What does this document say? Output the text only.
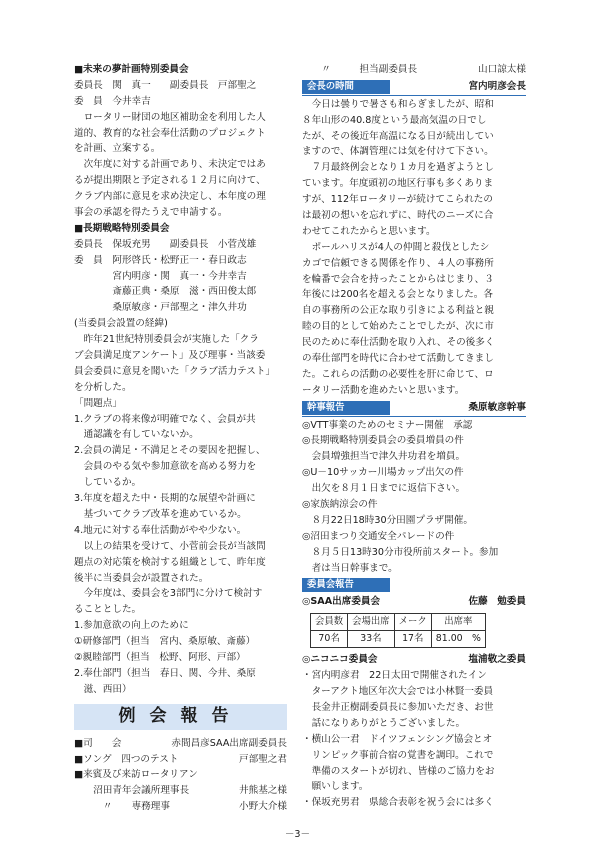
■未来の夢計画特別委員会
委員長　関　真一　　副委員長　戸部聖之
委　員　今井幸吉
ロータリー財団の地区補助金を利用した人
道的、教育的な社会奉仕活動のプロジェクト
を計画、立案する。
次年度に対する計画であり、未決定ではあ
るが提出期限と予定される１２月に向けて、
クラブ内部に意見を求め決定し、本年度の理
事会の承認を得たうえで申請する。
■長期戦略特別委員会
委員長　保坂充男　　副委員長　小菅茂雄
委　員　阿形啓氏・松野正一・春日政志
　　　　宮内明彦・関　真一・今井幸吉
　　　　斎藤正典・桑原　滋・西田俊太郎
　　　　桑原敏彦・戸部聖之・津久井功
(当委員会設置の経緯)
昨年21世紀特別委員会が実施した「クラ
ブ会員満足度アンケート」及び理事・当該委
員会委員に意見を聞いた「クラブ活力テスト」
を分析した。
「問題点」
1.クラブの将来像が明確でなく、会員が共
　通認識を有していないか。
2.会員の満足・不満足とその要因を把握し、
　会員のやる気や参加意欲を高める努力を
　しているか。
3.年度を超えた中・長期的な展望や計画に
　基づいてクラブ改革を進めているか。
4.地元に対する奉仕活動がやや少ない。
以上の結果を受けて、小菅前会長が当該問
題点の対応策を検討する組織として、昨年度
後半に当委員会が設置された。
今年度は、委員会を3部門に分けて検討す
ることとした。
1.参加意欲の向上のために
①研修部門（担当　宮内、桑原敏、斎藤）
②親睦部門（担当　松野、阿形、戸部）
2.奉仕部門（担当　春日、関、今井、桑原
　滋、西田）
例会報告
■司　　会	赤間昌彦SAA出席副委員長
■ソング　四つのテスト	戸部聖之君
■来賓及び来訪ロータリアン
沼田青年会議所理事長	井熊基之様
〃　　専務理事	小野大介様
〃　　　担当副委員長	山口諒太様
会長の時間	宮内明彦会長
今日は曇りで暑さも和らぎましたが、昭和
８年山形の40.8度という最高気温の日でし
たが、その後近年高温になる日が続出してい
ますので、体調管理には気を付けて下さい。
７月最終例会となり１カ月を過ぎようとし
ています。年度頭初の地区行事も多くありま
すが、112年ロータリーが続けてこられたの
は最初の想いを忘れずに、時代のニーズに合
わせてこれたからと思います。
ポールハリスが4人の仲間と殺伐としたシ
カゴで信頼できる関係を作り、４人の事務所
を輪番で会合を持ったことからはじまり、３
年後には200名を超える会となりました。各
自の事務所の公正な取り引きによる利益と親
睦の目的として始めたことでしたが、次に市
民のために奉仕活動を取り入れ、その後多く
の奉仕部門を時代に合わせて活動してきまし
た。これらの活動の必要性を肝に命じて、ロ
ータリー活動を進めたいと思います。
幹事報告	桑原敏彦幹事
◎VTT事業のためのセミナー開催　承認
◎長期戦略特別委員会の委員増員の件
　会員増強担当で津久井功君を増員。
◎U－10サッカー川場カップ出欠の件
　出欠を８月１日までに返信下さい。
◎家族納涼会の件
　８月22日18時30分田園プラザ開催。
◎沼田まつり交通安全パレードの件
　８月５日13時30分市役所前スタート。参加
　者は当日幹事まで。
委員会報告
◎SAA出席委員会	佐藤　勉委員
会員数	会場出席	メーク	出席率
70名	33名	17名	81.00　%
◎ニコニコ委員会	塩浦敬之委員
・宮内明彦君　22日太田で開催されたイン
　ターアクト地区年次大会では小林賢一委員
　長金井正樹副委員長に参加いただき、お世
　話になりありがとうございました。
・横山公一君　ドイツフェンシング協会とオ
　リンピック事前合宿の覚書を調印。これで
　準備のスタートが切れ、皆様のご協力をお
　願いします。
・保坂充男君　県総合表彰を祝う会には多く
－3－
